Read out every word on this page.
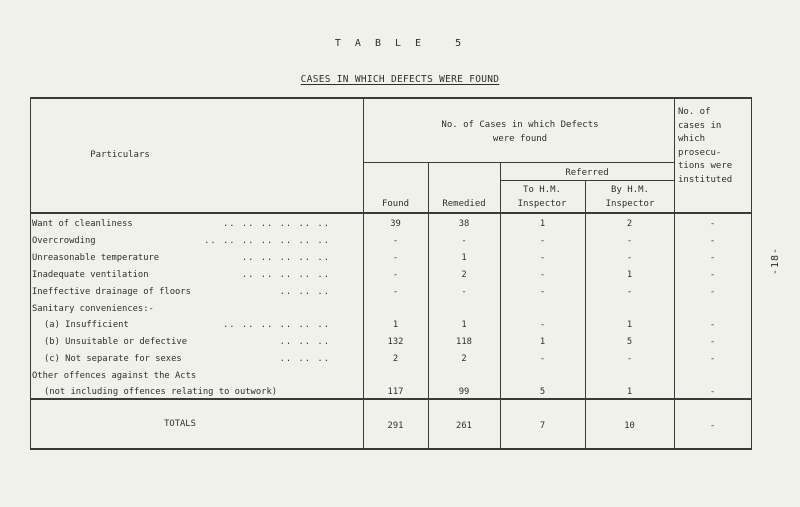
T A B L E   5
CASES IN WHICH DEFECTS WERE FOUND
-18-
Particulars
No. of Cases in which Defects were found
Referred
Found	Remedied
To H.M. Inspector
By H.M. Inspector
No. of cases in which prosecu- tions were instituted
Want of cleanliness	.. .. .. .. .. ..	39	38	1	2	-
Overcrowding	.. .. .. .. .. .. ..	-	-	-	-	-
Unreasonable temperature	.. .. .. .. ..	-	1	-	-	-
Inadequate ventilation	.. .. .. .. ..	-	2	-	1	-
Ineffective drainage of floors	.. .. ..	-	-	-	-	-
Sanitary conveniences:-
(a) Insufficient	.. .. .. .. .. ..	1	1	-	1	-
(b) Unsuitable or defective	.. .. ..	132	118	1	5	-
(c) Not separate for sexes	.. .. ..	2	2	-	-	-
Other offences against the Acts
(not including offences relating to outwork)	117	99	5	1	-
TOTALS	291	261	7	10	-
